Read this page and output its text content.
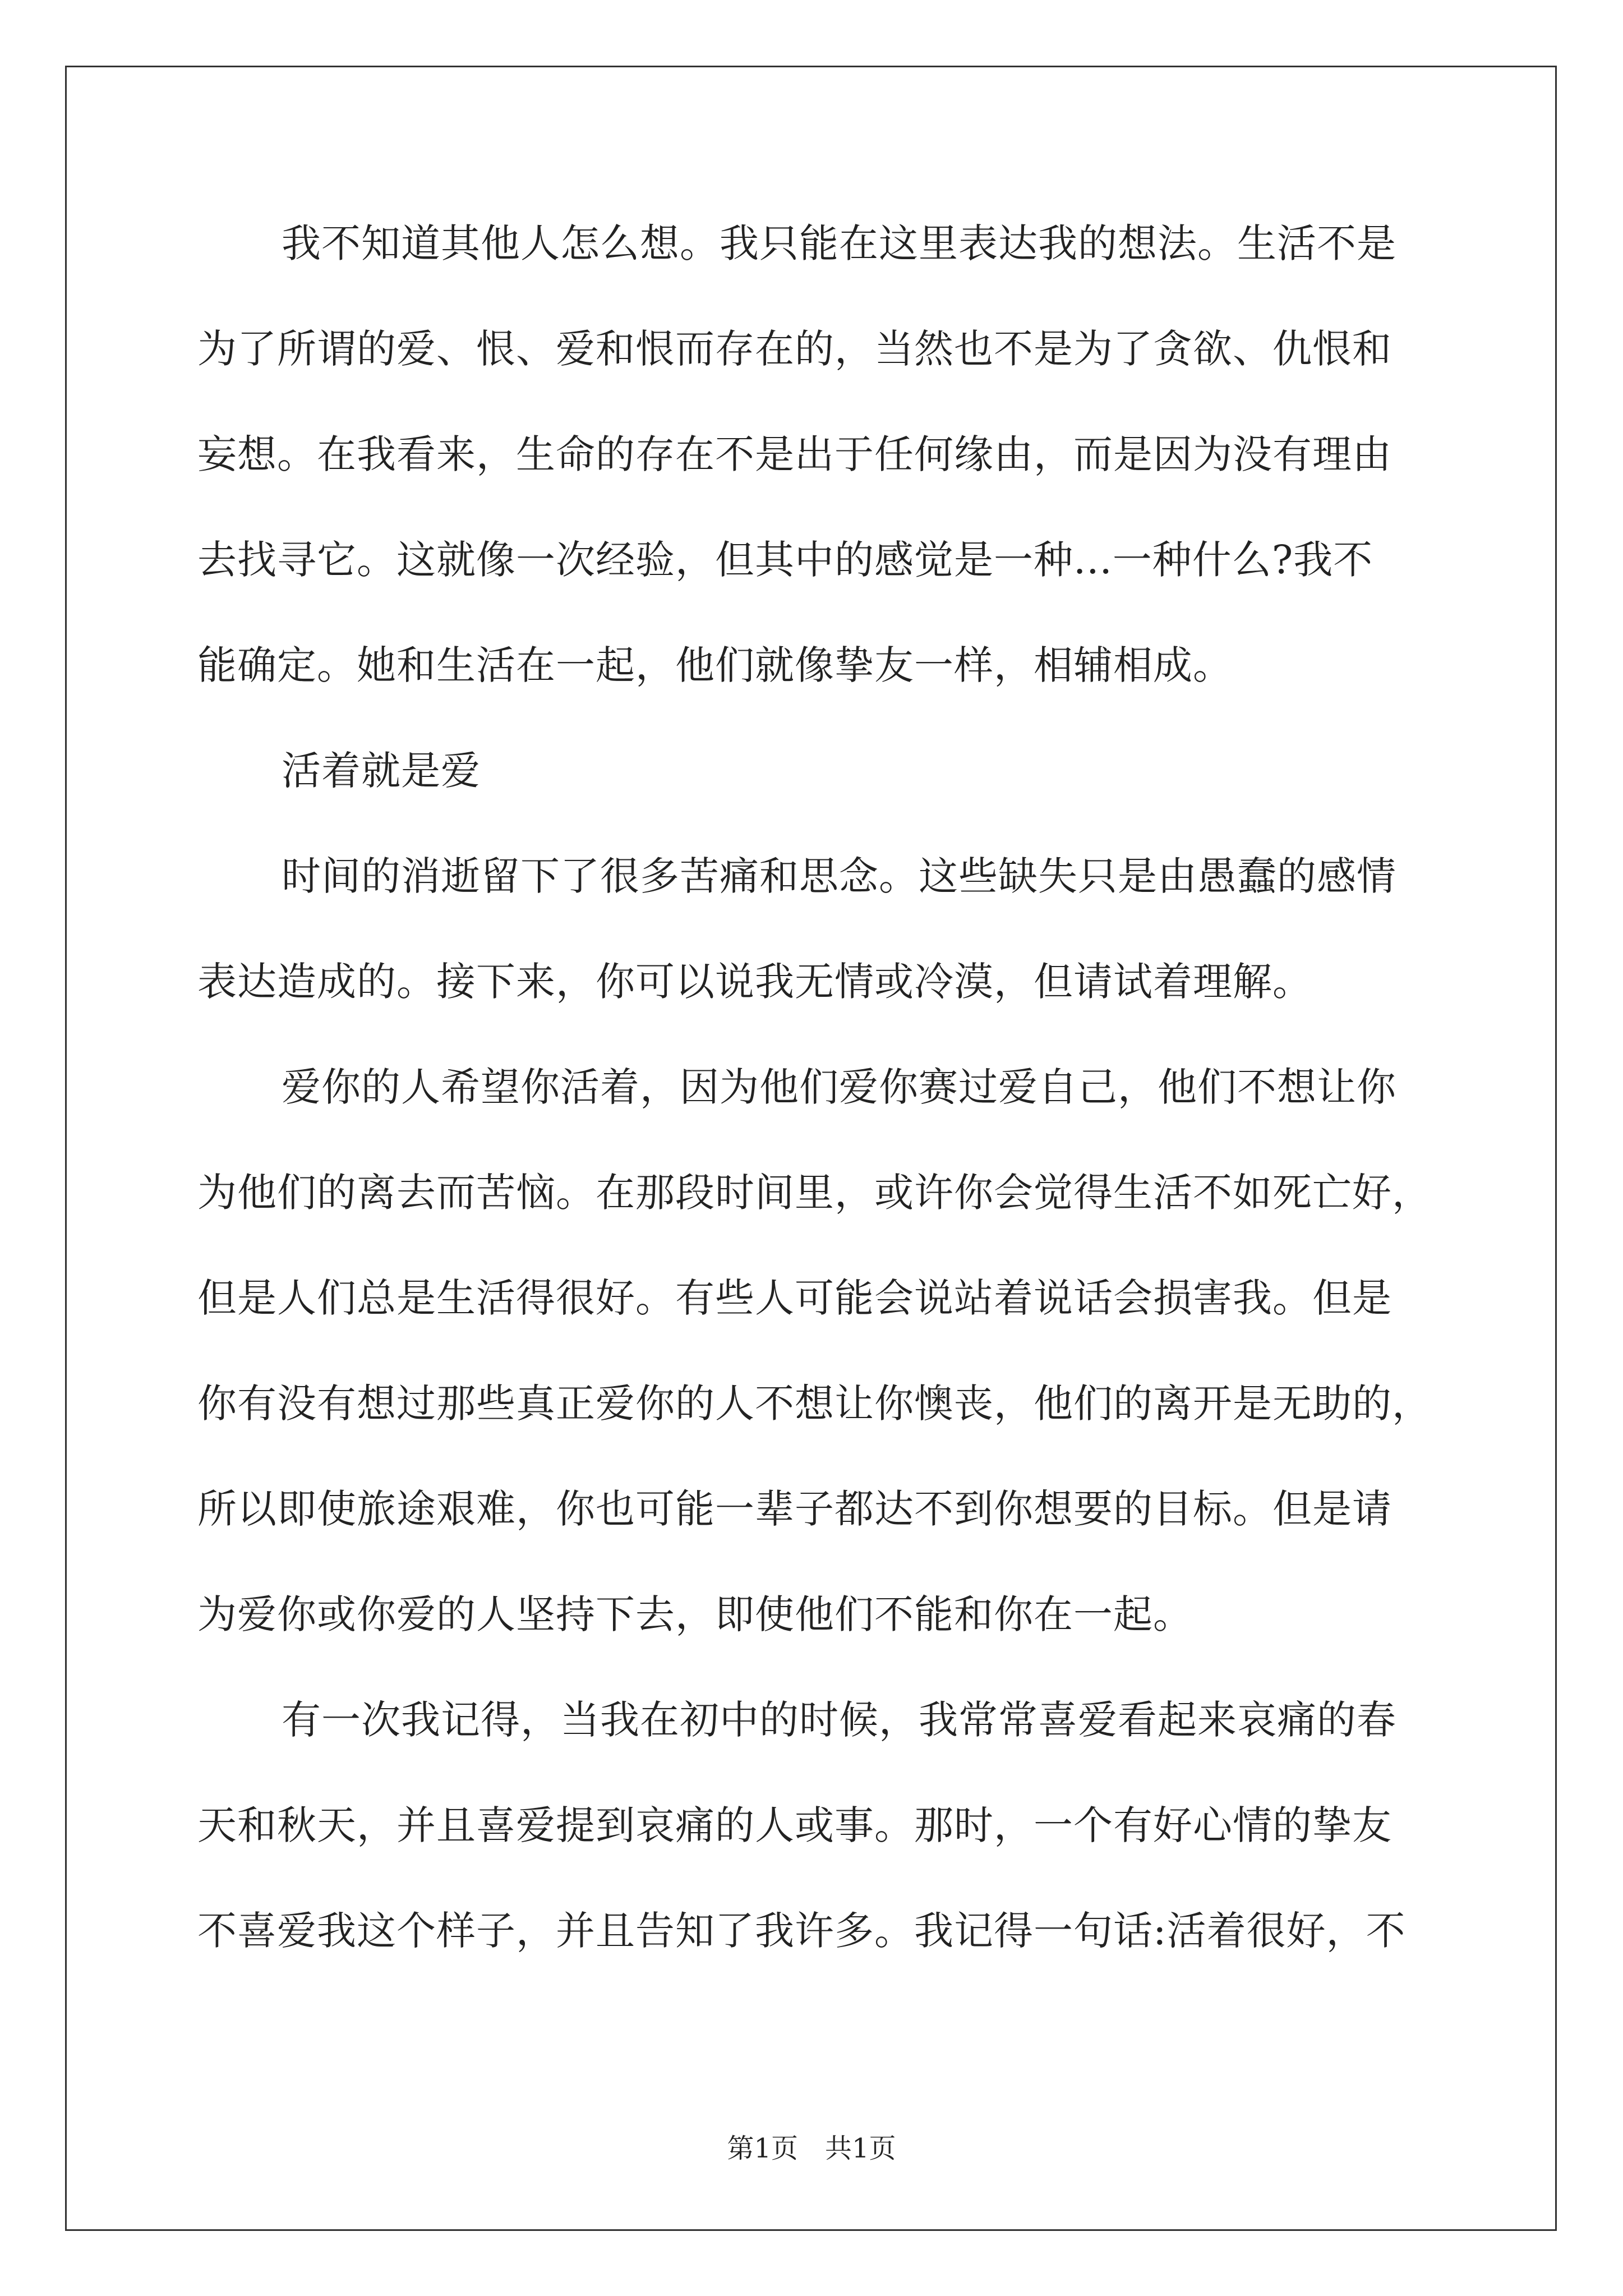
我不知道其他人怎么想。我只能在这里表达我的想法。生活不是
为了所谓的爱、恨、爱和恨而存在的，当然也不是为了贪欲、仇恨和
妄想。在我看来，生命的存在不是出于任何缘由，而是因为没有理由
去找寻它。这就像一次经验，但其中的感觉是一种...一种什么?我不
能确定。她和生活在一起，他们就像挚友一样，相辅相成。
活着就是爱
时间的消逝留下了很多苦痛和思念。这些缺失只是由愚蠢的感情
表达造成的。接下来，你可以说我无情或冷漠，但请试着理解。
爱你的人希望你活着，因为他们爱你赛过爱自己，他们不想让你
为他们的离去而苦恼。在那段时间里，或许你会觉得生活不如死亡好，
但是人们总是生活得很好。有些人可能会说站着说话会损害我。但是
你有没有想过那些真正爱你的人不想让你懊丧，他们的离开是无助的，
所以即使旅途艰难，你也可能一辈子都达不到你想要的目标。但是请
为爱你或你爱的人坚持下去，即使他们不能和你在一起。
有一次我记得，当我在初中的时候，我常常喜爱看起来哀痛的春
天和秋天，并且喜爱提到哀痛的人或事。那时，一个有好心情的挚友
不喜爱我这个样子，并且告知了我许多。我记得一句话:活着很好，不
第1页　共1页
